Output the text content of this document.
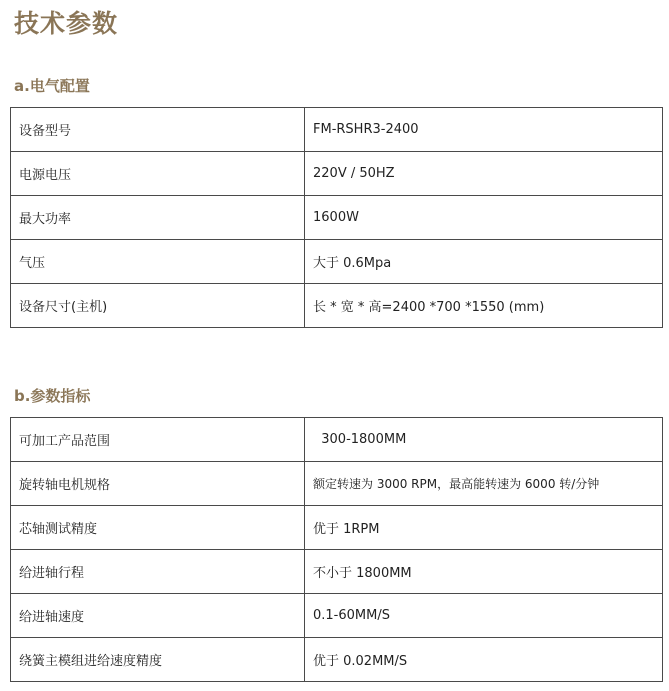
技术参数
a.电气配置
设备型号	FM-RSHR3-2400
电源电压	220V / 50HZ
最大功率	1600W
气压	大于 0.6Mpa
设备尺寸(主机)	长 * 宽 * 高=2400 *700 *1550 (mm)
b.参数指标
可加工产品范围	300-1800MM
旋转轴电机规格	额定转速为 3000 RPM，最高能转速为 6000 转/分钟
芯轴测试精度	优于 1RPM
给进轴行程	不小于 1800MM
给进轴速度	0.1-60MM/S
绕簧主模组进给速度精度	优于 0.02MM/S
